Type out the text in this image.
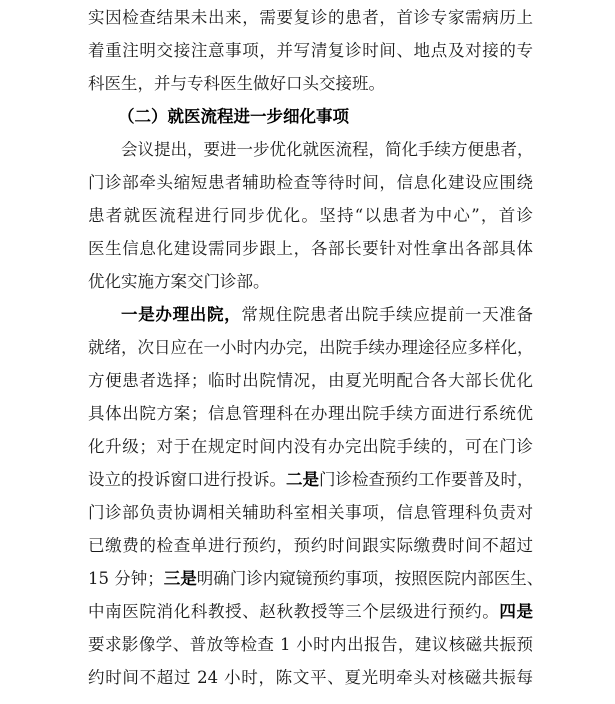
实因检查结果未出来，需要复诊的患者，首诊专家需病历上
着重注明交接注意事项，并写清复诊时间、地点及对接的专
科医生，并与专科医生做好口头交接班。
（二）就医流程进一步细化事项
会议提出，要进一步优化就医流程，简化手续方便患者，
门诊部牵头缩短患者辅助检查等待时间，信息化建设应围绕
患者就医流程进行同步优化。坚持“以患者为中心”，首诊
医生信息化建设需同步跟上，各部长要针对性拿出各部具体
优化实施方案交门诊部。
一是办理出院，常规住院患者出院手续应提前一天准备
就绪，次日应在一小时内办完，出院手续办理途径应多样化，
方便患者选择；临时出院情况，由夏光明配合各大部长优化
具体出院方案；信息管理科在办理出院手续方面进行系统优
化升级；对于在规定时间内没有办完出院手续的，可在门诊
设立的投诉窗口进行投诉。二是门诊检查预约工作要普及时，
门诊部负责协调相关辅助科室相关事项，信息管理科负责对
已缴费的检查单进行预约，预约时间跟实际缴费时间不超过
15 分钟；三是明确门诊内窥镜预约事项，按照医院内部医生、
中南医院消化科教授、赵秋教授等三个层级进行预约。四是
要求影像学、普放等检查 1 小时内出报告，建议核磁共振预
约时间不超过 24 小时，陈文平、夏光明牵头对核磁共振每
